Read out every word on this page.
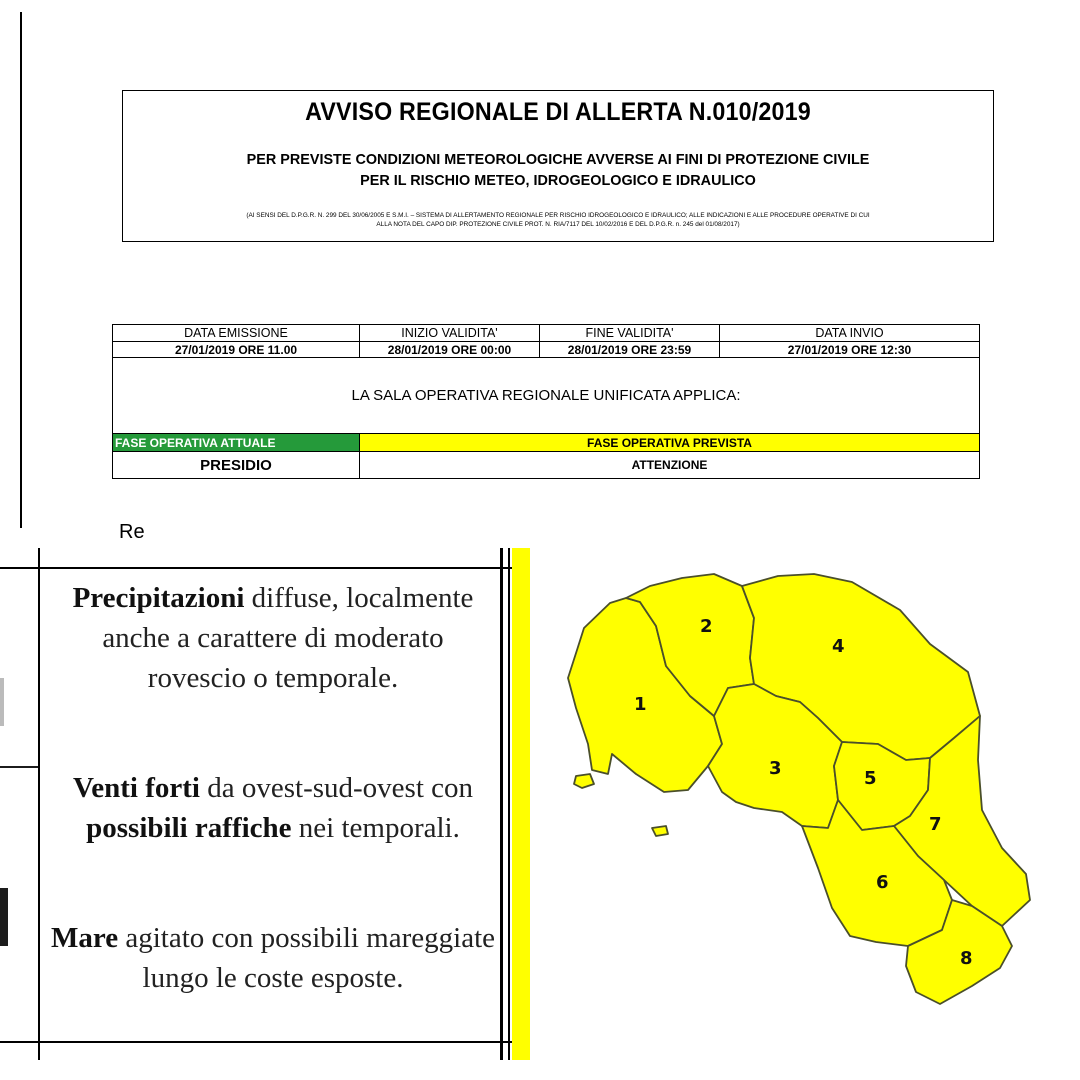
AVVISO REGIONALE DI ALLERTA N.010/2019
PER PREVISTE CONDIZIONI METEOROLOGICHE AVVERSE AI FINI DI PROTEZIONE CIVILE
PER IL RISCHIO METEO, IDROGEOLOGICO E IDRAULICO
(AI SENSI DEL D.P.G.R. N. 299 DEL 30/06/2005 E S.M.I. – SISTEMA DI ALLERTAMENTO REGIONALE PER RISCHIO IDROGEOLOGICO E IDRAULICO; ALLE INDICAZIONI E ALLE PROCEDURE OPERATIVE DI CUI
ALLA NOTA DEL CAPO DIP. PROTEZIONE CIVILE PROT. N. RIA/7117 DEL 10/02/2016 E DEL D.P.G.R. n. 245 del 01/08/2017)
DATA EMISSIONE	INIZIO VALIDITA'	FINE VALIDITA'	DATA INVIO
27/01/2019 ORE 11.00	28/01/2019 ORE 00:00	28/01/2019 ORE 23:59	27/01/2019 ORE 12:30
LA SALA OPERATIVA REGIONALE UNIFICATA APPLICA:			
FASE OPERATIVA ATTUALE	FASE OPERATIVA PREVISTA		
PRESIDIO	ATTENZIONE		
Re
Precipitazioni diffuse, localmente anche a carattere di moderato rovescio o temporale.
Venti forti da ovest-sud-ovest con possibili raffiche nei temporali.
Mare agitato con possibili mareggiate lungo le coste esposte.
1
2
3
4
5
6
7
8
